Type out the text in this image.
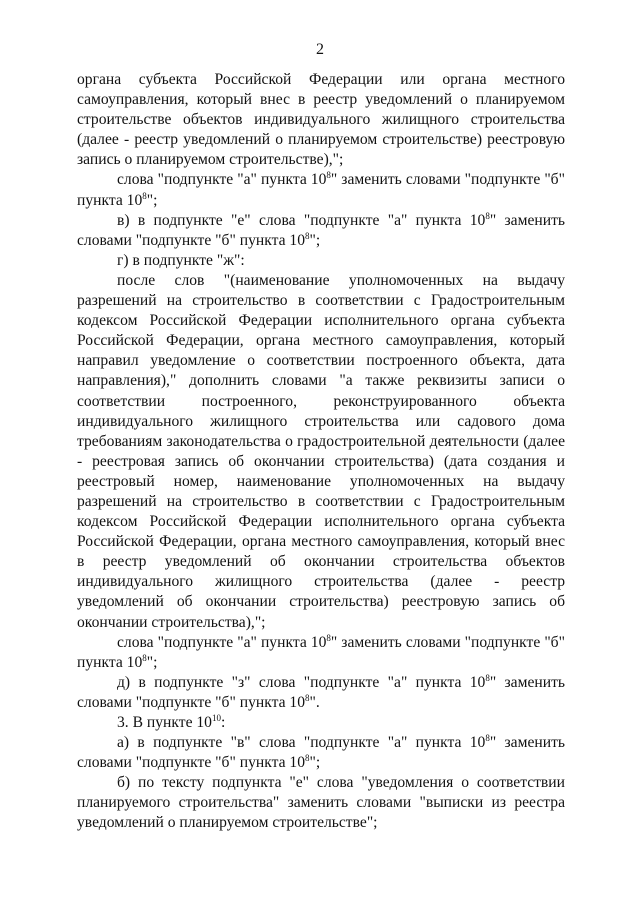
2

органа субъекта Российской Федерации или органа местного самоуправления, который внес в реестр уведомлений о планируемом строительстве объектов индивидуального жилищного строительства (далее - реестр уведомлений о планируемом строительстве) реестровую запись о планируемом строительстве),";

слова "подпункте "а" пункта $10^8$" заменить словами "подпункте "б" пункта $10^8$";

в) в подпункте "е" слова "подпункте "а" пункта $10^8$" заменить словами "подпункте "б" пункта $10^8$";

г) в подпункте "ж":

после слов "(наименование уполномоченных на выдачу разрешений на строительство в соответствии с Градостроительным кодексом Российской Федерации исполнительного органа субъекта Российской Федерации, органа местного самоуправления, который направил уведомление о соответствии построенного объекта, дата направления)," дополнить словами "а также реквизиты записи о соответствии построенного, реконструированного объекта индивидуального жилищного строительства или садового дома требованиям законодательства о градостроительной деятельности (далее - реестровая запись об окончании строительства) (дата создания и реестровый номер, наименование уполномоченных на выдачу разрешений на строительство в соответствии с Градостроительным кодексом Российской Федерации исполнительного органа субъекта Российской Федерации, органа местного самоуправления, который внес в реестр уведомлений об окончании строительства объектов индивидуального жилищного строительства (далее - реестр уведомлений об окончании строительства) реестровую запись об окончании строительства),";

слова "подпункте "а" пункта $10^8$" заменить словами "подпункте "б" пункта $10^8$";

д) в подпункте "з" слова "подпункте "а" пункта $10^8$" заменить словами "подпункте "б" пункта $10^8$".

3. В пункте $10^{10}$:

а) в подпункте "в" слова "подпункте "а" пункта $10^8$" заменить словами "подпункте "б" пункта $10^8$";

б) по тексту подпункта "е" слова "уведомления о соответствии планируемого строительства" заменить словами "выписки из реестра уведомлений о планируемом строительстве";
